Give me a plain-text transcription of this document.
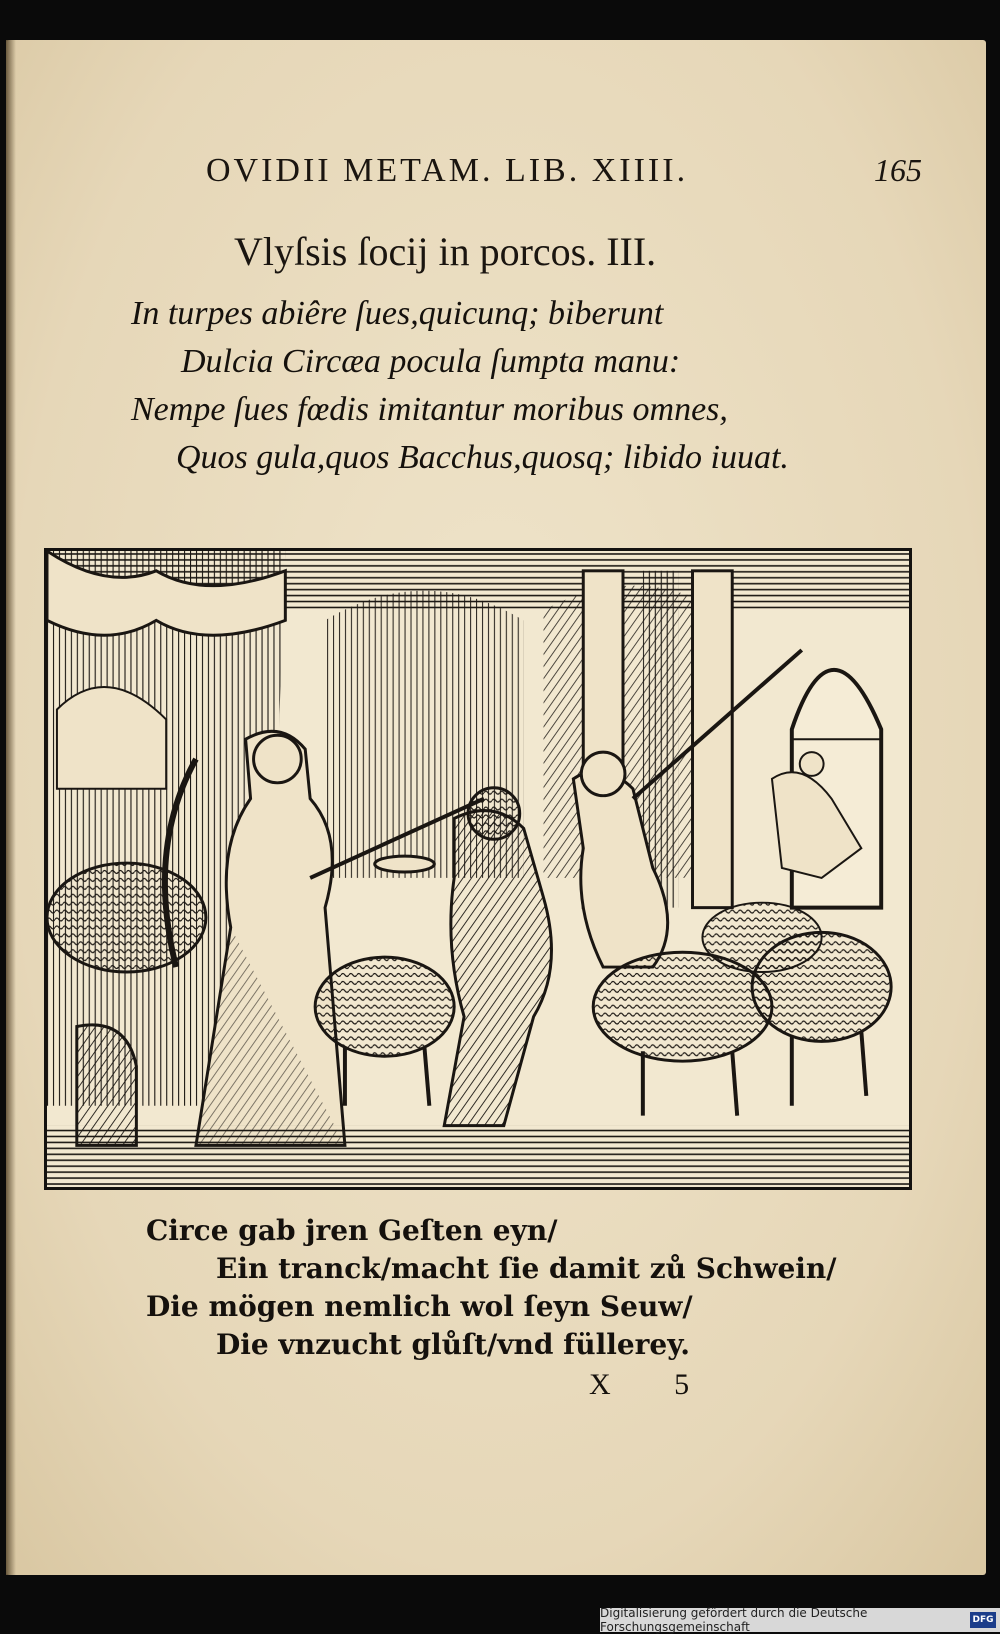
OVIDII METAM. LIB. XIIII.	165
Vlyſsis ſocij in porcos. III.
In turpes abiêre ſues,quicunq; biberunt
Dulcia Circæa pocula ſumpta manu:
Nempe ſues fœdis imitantur moribus omnes,
Quos gula,quos Bacchus,quosq; libido iuuat.
Circe gab jren Geſten eyn/
Ein tranck/macht ſie damit zů Schwein/
Die mögen nemlich wol ſeyn Seuw/
Die vnzucht glůſt/vnd füllerey.
X 5
Digitalisierung gefördert durch die Deutsche Forschungsgemeinschaft	DFG
